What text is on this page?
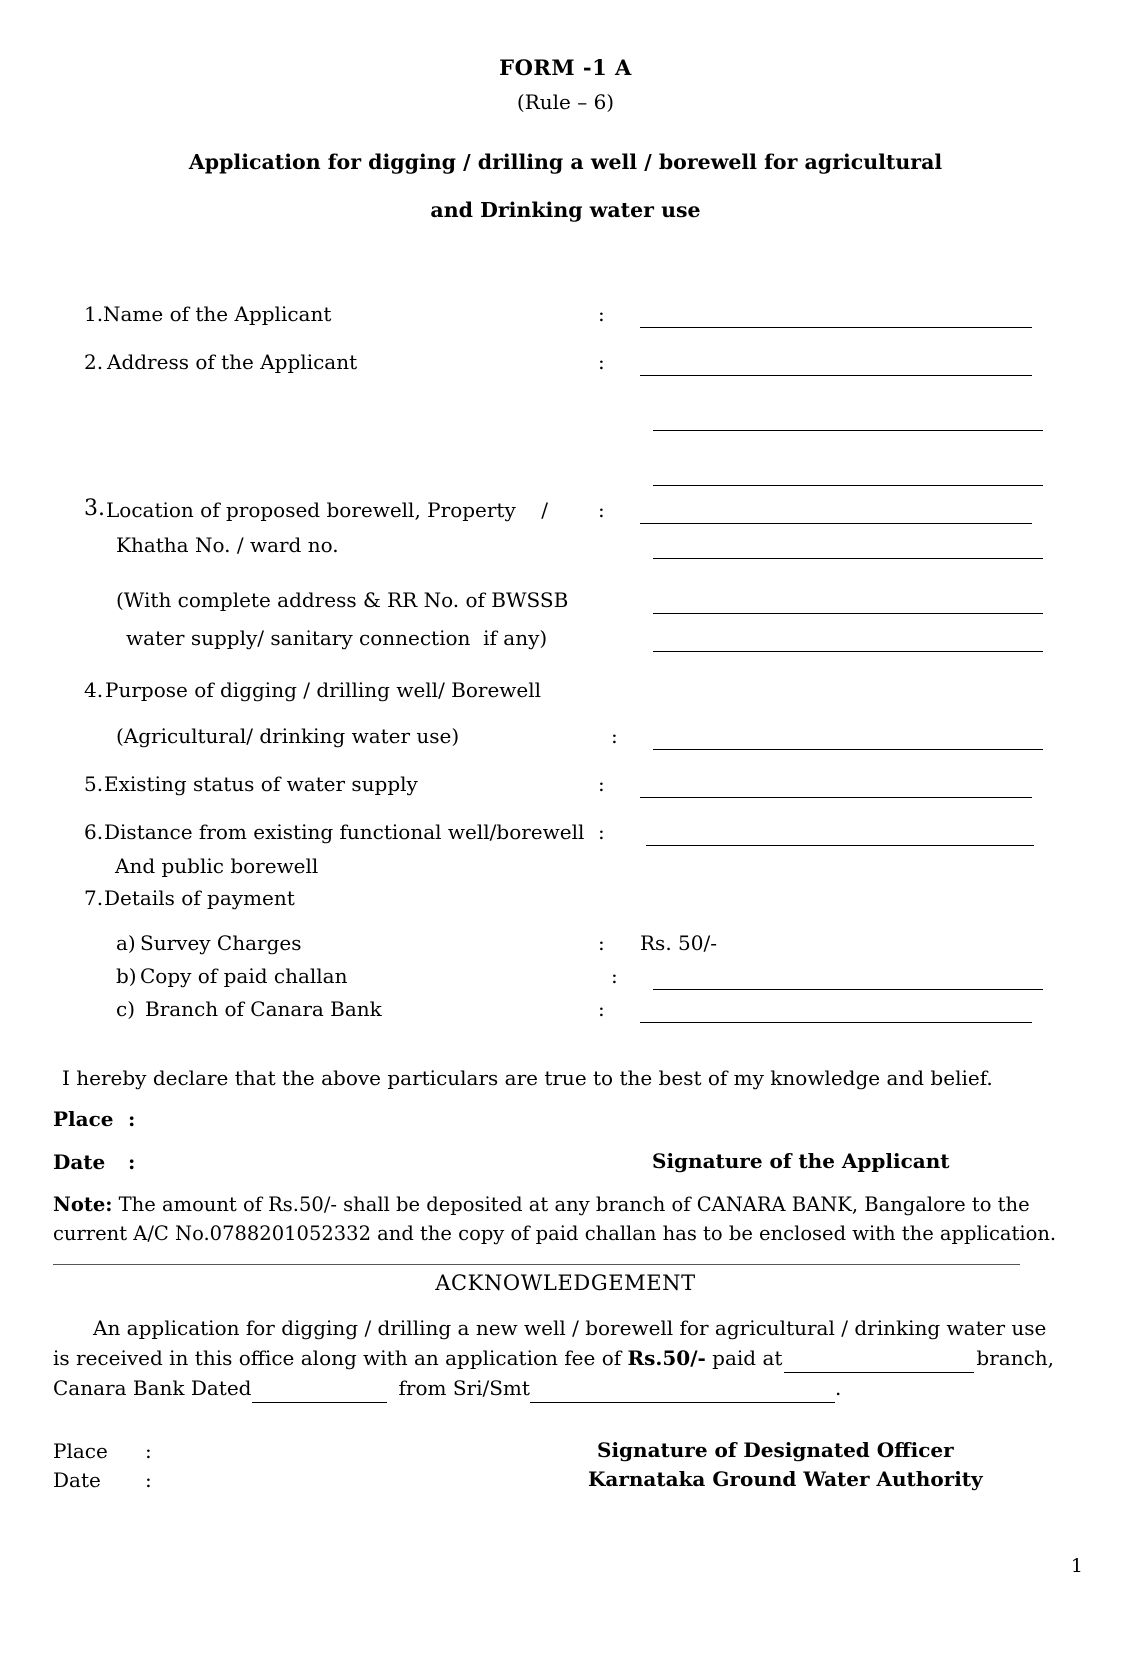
FORM -1 A
(Rule – 6)
Application for digging / drilling a well / borewell for agricultural
and Drinking water use
1. Name of the Applicant	:
2. Address of the Applicant	:
3. Location of proposed borewell, Property    /	:
Khatha No. / ward no.
(With complete address & RR No. of BWSSB
water supply/ sanitary connection  if any)
4. Purpose of digging / drilling well/ Borewell
(Agricultural/ drinking water use)	:
5. Existing status of water supply	:
6. Distance from existing functional well/borewell :
And public borewell
7. Details of payment
a) Survey Charges	: Rs. 50/-
b) Copy of paid challan	:
c) Branch of Canara Bank	:
I hereby declare that the above particulars are true to the best of my knowledge and belief.
Place :
Date :	Signature of the Applicant
Note: The amount of Rs.50/- shall be deposited at any branch of CANARA BANK, Bangalore to the
current A/C No.0788201052332 and the copy of paid challan has to be enclosed with the application.
ACKNOWLEDGEMENT
An application for digging / drilling a new well / borewell for agricultural / drinking water use
is received in this office along with an application fee of Rs.50/- paid at	branch,
Canara Bank Dated	from Sri/Smt	.
Place :
Date :
Signature of Designated Officer
Karnataka Ground Water Authority
1
